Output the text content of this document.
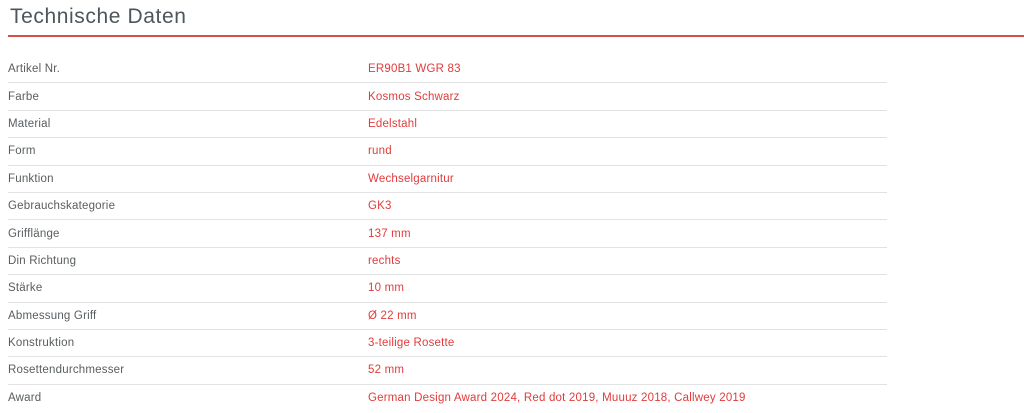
Technische Daten
Artikel Nr.	ER90B1 WGR 83
Farbe	Kosmos Schwarz
Material	Edelstahl
Form	rund
Funktion	Wechselgarnitur
Gebrauchskategorie	GK3
Grifflänge	137 mm
Din Richtung	rechts
Stärke	10 mm
Abmessung Griff	Ø 22 mm
Konstruktion	3-teilige Rosette
Rosettendurchmesser	52 mm
Award	German Design Award 2024, Red dot 2019, Muuuz 2018, Callwey 2019
